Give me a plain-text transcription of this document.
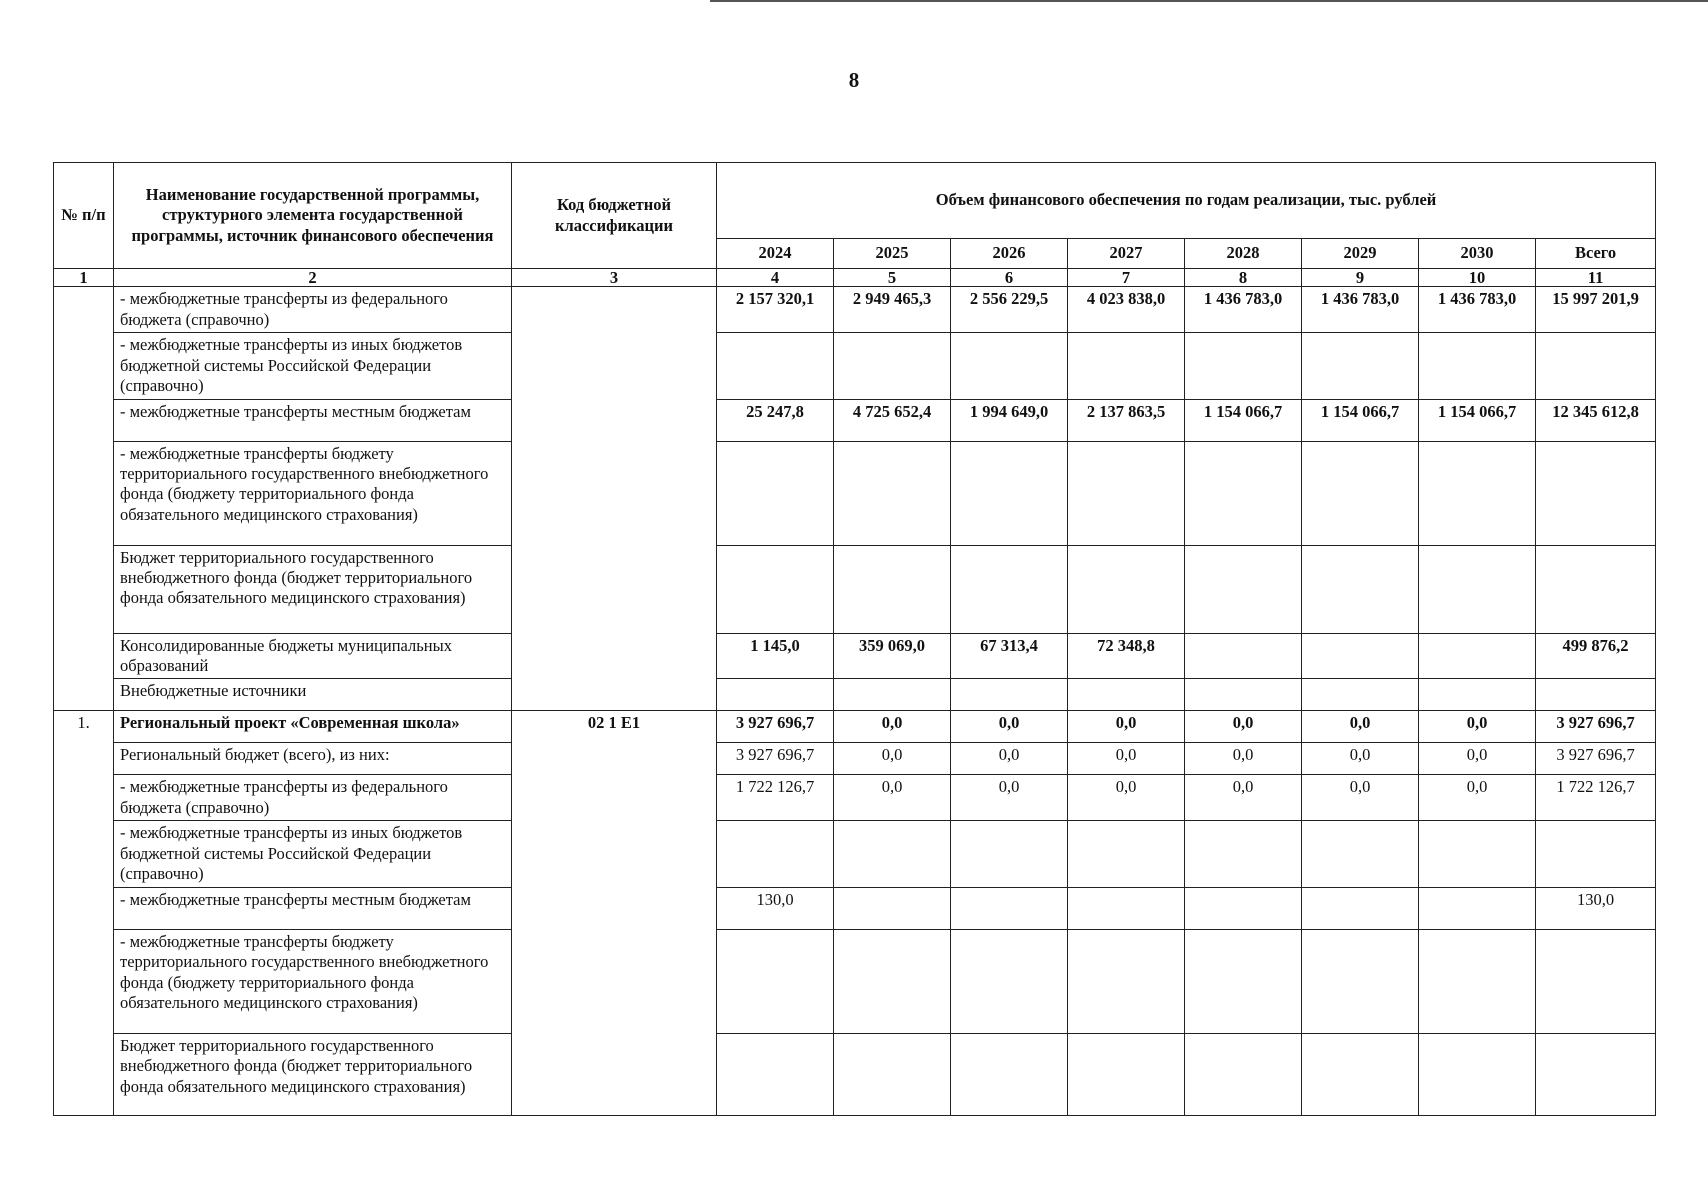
8
№ п/п	Наименование государственной программы, структурного элемента государственной программы, источник финансового обеспечения	Код бюджетной классификации	Объем финансового обеспечения по годам реализации, тыс. рублей							
			2024	2025	2026	2027	2028	2029	2030	Всего
1	2	3	4	5	6	7	8	9	10	11
	- межбюджетные трансферты из федерального бюджета (справочно)		2 157 320,1	2 949 465,3	2 556 229,5	4 023 838,0	1 436 783,0	1 436 783,0	1 436 783,0	15 997 201,9
	- межбюджетные трансферты из иных бюджетов бюджетной системы Российской Федерации (справочно)									
	- межбюджетные трансферты местным бюджетам		25 247,8	4 725 652,4	1 994 649,0	2 137 863,5	1 154 066,7	1 154 066,7	1 154 066,7	12 345 612,8
	- межбюджетные трансферты бюджету территориального государственного внебюджетного фонда (бюджету территориального фонда обязательного медицинского страхования)									
	Бюджет территориального государственного внебюджетного фонда (бюджет территориального фонда обязательного медицинского страхования)									
	Консолидированные бюджеты муниципальных образований		1 145,0	359 069,0	67 313,4	72 348,8				499 876,2
	Внебюджетные источники									
1.	Региональный проект «Современная школа»	02 1 E1	3 927 696,7	0,0	0,0	0,0	0,0	0,0	0,0	3 927 696,7
	Региональный бюджет (всего), из них:		3 927 696,7	0,0	0,0	0,0	0,0	0,0	0,0	3 927 696,7
	- межбюджетные трансферты из федерального бюджета (справочно)		1 722 126,7	0,0	0,0	0,0	0,0	0,0	0,0	1 722 126,7
	- межбюджетные трансферты из иных бюджетов бюджетной системы Российской Федерации (справочно)									
	- межбюджетные трансферты местным бюджетам		130,0							130,0
	- межбюджетные трансферты бюджету территориального государственного внебюджетного фонда (бюджету территориального фонда обязательного медицинского страхования)									
	Бюджет территориального государственного внебюджетного фонда (бюджет территориального фонда обязательного медицинского страхования)									
